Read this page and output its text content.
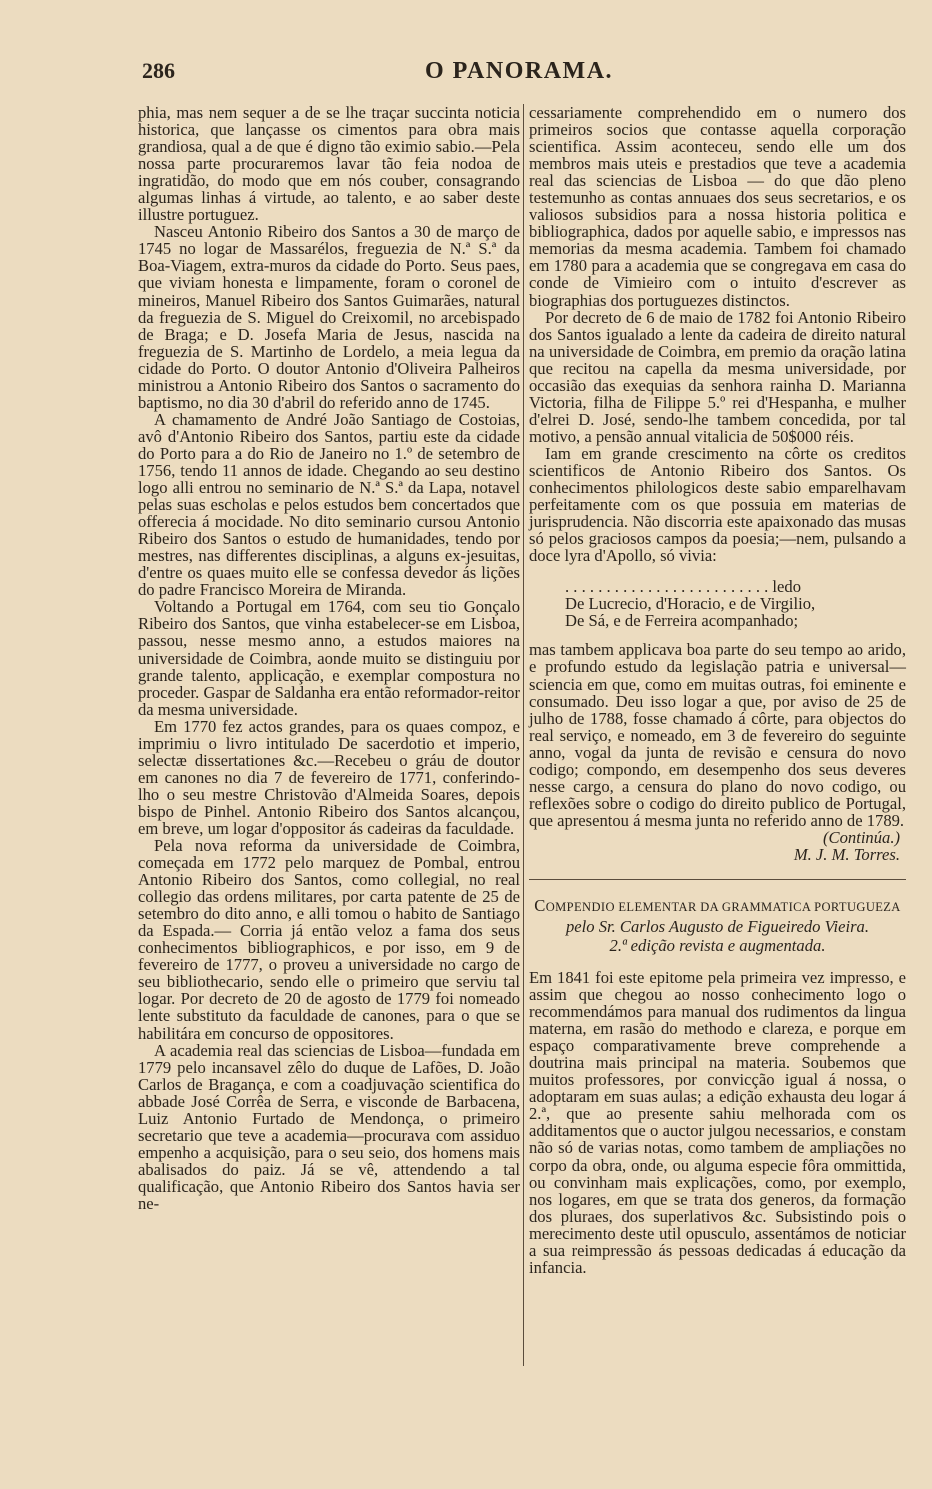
286	O PANORAMA.

phia, mas nem sequer a de se lhe traçar succinta noticia historica, que lançasse os cimentos para obra mais grandiosa, qual a de que é digno tão eximio sabio.—Pela nossa parte procuraremos lavar tão feia nodoa de ingratidão, do modo que em nós couber, consagrando algumas linhas á virtude, ao talento, e ao saber deste illustre portuguez.

Nasceu Antonio Ribeiro dos Santos a 30 de março de 1745 no logar de Massarélos, freguezia de N.ª S.ª da Boa-Viagem, extra-muros da cidade do Porto. Seus paes, que viviam honesta e limpamente, foram o coronel de mineiros, Manuel Ribeiro dos Santos Guimarães, natural da freguezia de S. Miguel do Creixomil, no arcebispado de Braga; e D. Josefa Maria de Jesus, nascida na freguezia de S. Martinho de Lordelo, a meia legua da cidade do Porto. O doutor Antonio d'Oliveira Palheiros ministrou a Antonio Ribeiro dos Santos o sacramento do baptismo, no dia 30 d'abril do referido anno de 1745.

A chamamento de André João Santiago de Costoias, avô d'Antonio Ribeiro dos Santos, partiu este da cidade do Porto para a do Rio de Janeiro no 1.º de setembro de 1756, tendo 11 annos de idade. Chegando ao seu destino logo alli entrou no seminario de N.ª S.ª da Lapa, notavel pelas suas escholas e pelos estudos bem concertados que offerecia á mocidade. No dito seminario cursou Antonio Ribeiro dos Santos o estudo de humanidades, tendo por mestres, nas differentes disciplinas, a alguns ex-jesuitas, d'entre os quaes muito elle se confessa devedor ás lições do padre Francisco Moreira de Miranda.

Voltando a Portugal em 1764, com seu tio Gonçalo Ribeiro dos Santos, que vinha estabelecer-se em Lisboa, passou, nesse mesmo anno, a estudos maiores na universidade de Coimbra, aonde muito se distinguiu por grande talento, applicação, e exemplar compostura no proceder. Gaspar de Saldanha era então reformador-reitor da mesma universidade.

Em 1770 fez actos grandes, para os quaes compoz, e imprimiu o livro intitulado De sacerdotio et imperio, selectæ dissertationes &c.—Recebeu o gráu de doutor em canones no dia 7 de fevereiro de 1771, conferindo-lho o seu mestre Christovão d'Almeida Soares, depois bispo de Pinhel. Antonio Ribeiro dos Santos alcançou, em breve, um logar d'oppositor ás cadeiras da faculdade.

Pela nova reforma da universidade de Coimbra, começada em 1772 pelo marquez de Pombal, entrou Antonio Ribeiro dos Santos, como collegial, no real collegio das ordens militares, por carta patente de 25 de setembro do dito anno, e alli tomou o habito de Santiago da Espada.— Corria já então veloz a fama dos seus conhecimentos bibliographicos, e por isso, em 9 de fevereiro de 1777, o proveu a universidade no cargo de seu bibliothecario, sendo elle o primeiro que serviu tal logar. Por decreto de 20 de agosto de 1779 foi nomeado lente substituto da faculdade de canones, para o que se habilitára em concurso de oppositores.

A academia real das sciencias de Lisboa—fundada em 1779 pelo incansavel zêlo do duque de Lafões, D. João Carlos de Bragança, e com a coadjuvação scientifica do abbade José Corrêa de Serra, e visconde de Barbacena, Luiz Antonio Furtado de Mendonça, o primeiro secretario que teve a academia—procurava com assiduo empenho a acquisição, para o seu seio, dos homens mais abalisados do paiz. Já se vê, attendendo a tal qualificação, que Antonio Ribeiro dos Santos havia ser ne-

cessariamente comprehendido em o numero dos primeiros socios que contasse aquella corporação scientifica. Assim aconteceu, sendo elle um dos membros mais uteis e prestadios que teve a academia real das sciencias de Lisboa — do que dão pleno testemunho as contas annuaes dos seus secretarios, e os valiosos subsidios para a nossa historia politica e bibliographica, dados por aquelle sabio, e impressos nas memorias da mesma academia. Tambem foi chamado em 1780 para a academia que se congregava em casa do conde de Vimieiro com o intuito d'escrever as biographias dos portuguezes distinctos.

Por decreto de 6 de maio de 1782 foi Antonio Ribeiro dos Santos igualado a lente da cadeira de direito natural na universidade de Coimbra, em premio da oração latina que recitou na capella da mesma universidade, por occasião das exequias da senhora rainha D. Marianna Victoria, filha de Filippe 5.º rei d'Hespanha, e mulher d'elrei D. José, sendo-lhe tambem concedida, por tal motivo, a pensão annual vitalicia de 50$000 réis.

Iam em grande crescimento na côrte os creditos scientificos de Antonio Ribeiro dos Santos. Os conhecimentos philologicos deste sabio emparelhavam perfeitamente com os que possuia em materias de jurisprudencia. Não discorria este apaixonado das musas só pelos graciosos campos da poesia;—nem, pulsando a doce lyra d'Apollo, só vivia:

. . . . . . . . . . . . . . . . . . . . . . . . . ledo
De Lucrecio, d'Horacio, e de Virgilio,
De Sá, e de Ferreira acompanhado;

mas tambem applicava boa parte do seu tempo ao arido, e profundo estudo da legislação patria e universal—sciencia em que, como em muitas outras, foi eminente e consumado. Deu isso logar a que, por aviso de 25 de julho de 1788, fosse chamado á côrte, para objectos do real serviço, e nomeado, em 3 de fevereiro do seguinte anno, vogal da junta de revisão e censura do novo codigo; compondo, em desempenho dos seus deveres nesse cargo, a censura do plano do novo codigo, ou reflexões sobre o codigo do direito publico de Portugal, que apresentou á mesma junta no referido anno de 1789.

(Continúa.)
M. J. M. Torres.
COMPENDIO ELEMENTAR DA GRAMMATICA PORTUGUEZA
pelo Sr. Carlos Augusto de Figueiredo Vieira.
2.ª edição revista e augmentada.

Em 1841 foi este epitome pela primeira vez impresso, e assim que chegou ao nosso conhecimento logo o recommendámos para manual dos rudimentos da lingua materna, em rasão do methodo e clareza, e porque em espaço comparativamente breve comprehende a doutrina mais principal na materia. Soubemos que muitos professores, por convicção igual á nossa, o adoptaram em suas aulas; a edição exhausta deu logar á 2.ª, que ao presente sahiu melhorada com os additamentos que o auctor julgou necessarios, e constam não só de varias notas, como tambem de ampliações no corpo da obra, onde, ou alguma especie fôra ommittida, ou convinham mais explicações, como, por exemplo, nos logares, em que se trata dos generos, da formação dos pluraes, dos superlativos &c. Subsistindo pois o merecimento deste util opusculo, assentámos de noticiar a sua reimpressão ás pessoas dedicadas á educação da infancia.
